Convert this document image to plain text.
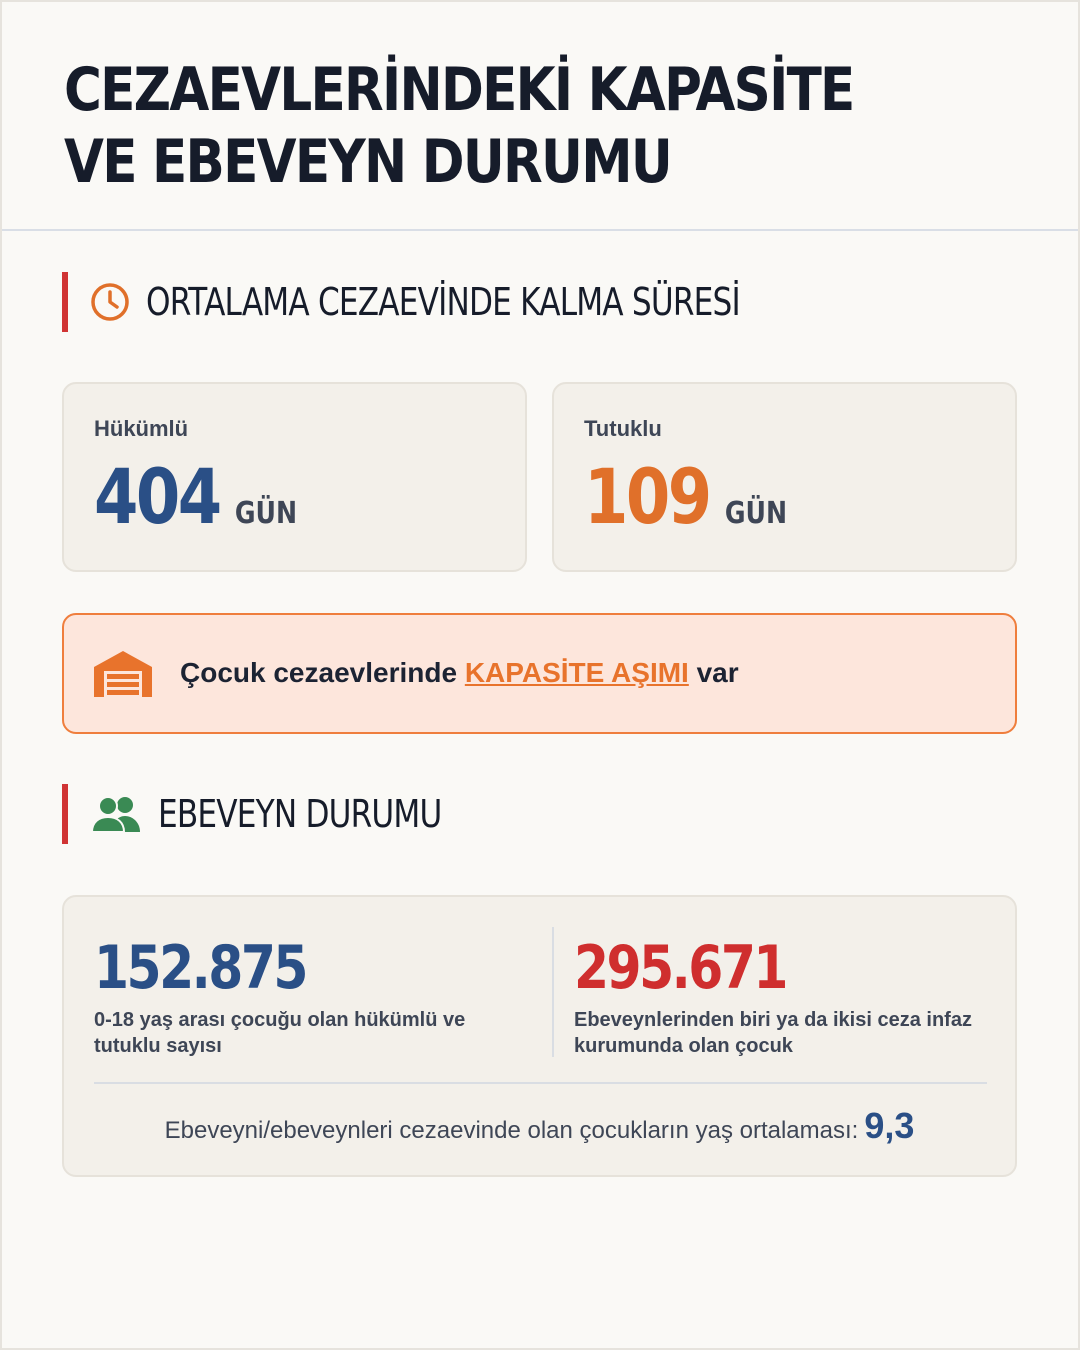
CEZAEVLERİNDEKİ KAPASİTE
VE EBEVEYN DURUMU
ORTALAMA CEZAEVİNDE KALMA SÜRESİ
Hükümlü
404 GÜN
Tutuklu
109 GÜN
Çocuk cezaevlerinde KAPASİTE AŞIMI var
EBEVEYN DURUMU
152.875
0-18 yaş arası çocuğu olan hükümlü ve tutuklu sayısı
295.671
Ebeveynlerinden biri ya da ikisi ceza infaz kurumunda olan çocuk
Ebeveyni/ebeveynleri cezaevinde olan çocukların yaş ortalaması: 9,3
